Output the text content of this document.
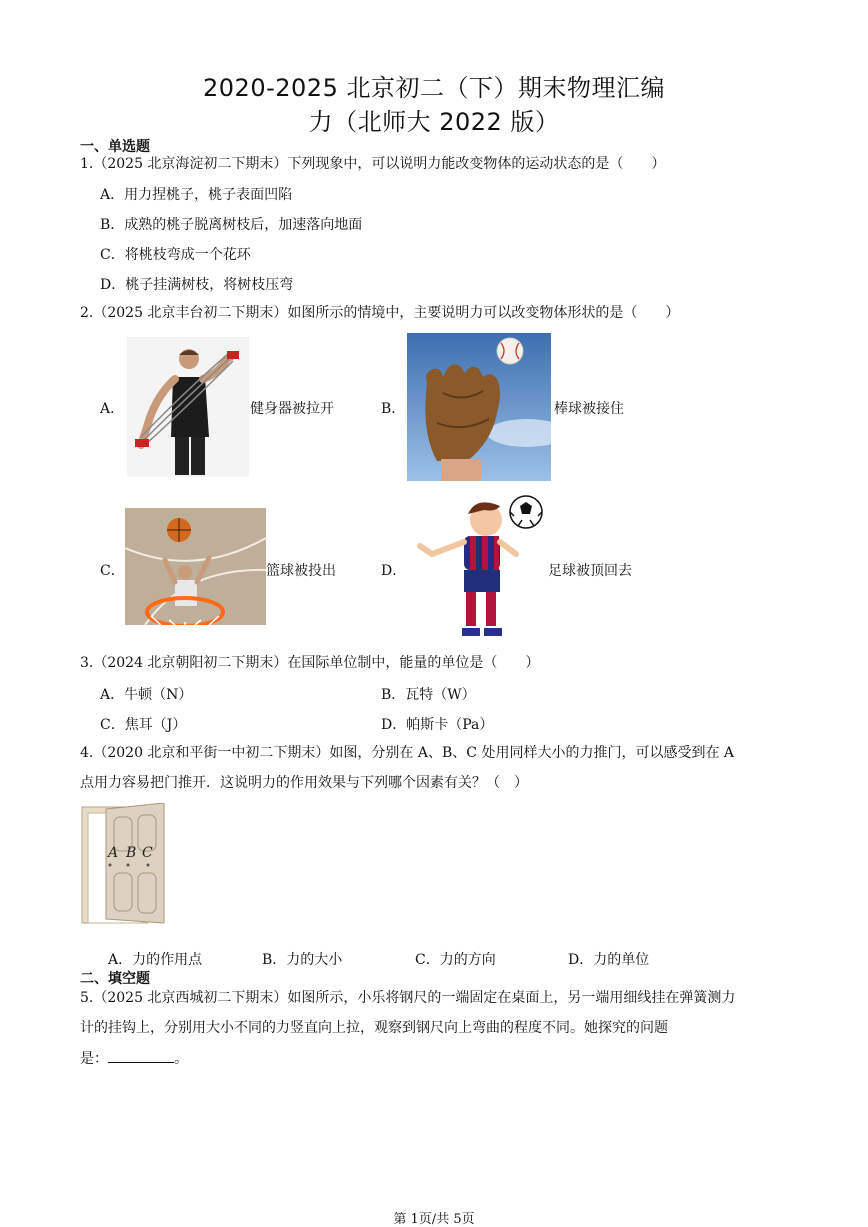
2020-2025 北京初二（下）期末物理汇编
力（北师大 2022 版）
一、单选题
1.（2025 北京海淀初二下期末）下列现象中，可以说明力能改变物体的运动状态的是（　　）
A．用力捏桃子，桃子表面凹陷
B．成熟的桃子脱离树枝后，加速落向地面
C．将桃枝弯成一个花环
D．桃子挂满树枝，将树枝压弯
2.（2025 北京丰台初二下期末）如图所示的情境中，主要说明力可以改变物体形状的是（　　）
A．	健身器被拉开	B．	棒球被接住
C．	篮球被投出	D．	足球被顶回去
3.（2024 北京朝阳初二下期末）在国际单位制中，能量的单位是（　　）
A．牛顿（N）	B．瓦特（W）
C．焦耳（J）	D．帕斯卡（Pa）
4.（2020 北京和平街一中初二下期末）如图，分别在 A、B、C 处用同样大小的力推门，可以感受到在 A
点用力容易把门推开．这说明力的作用效果与下列哪个因素有关？（　）
A B C
A．力的作用点	B．力的大小	C．力的方向	D．力的单位
二、填空题
5.（2025 北京西城初二下期末）如图所示，小乐将钢尺的一端固定在桌面上，另一端用细线挂在弹簧测力
计的挂钩上，分别用大小不同的力竖直向上拉，观察到钢尺向上弯曲的程度不同。她探究的问题
是：	。
第 1页/共 5页
